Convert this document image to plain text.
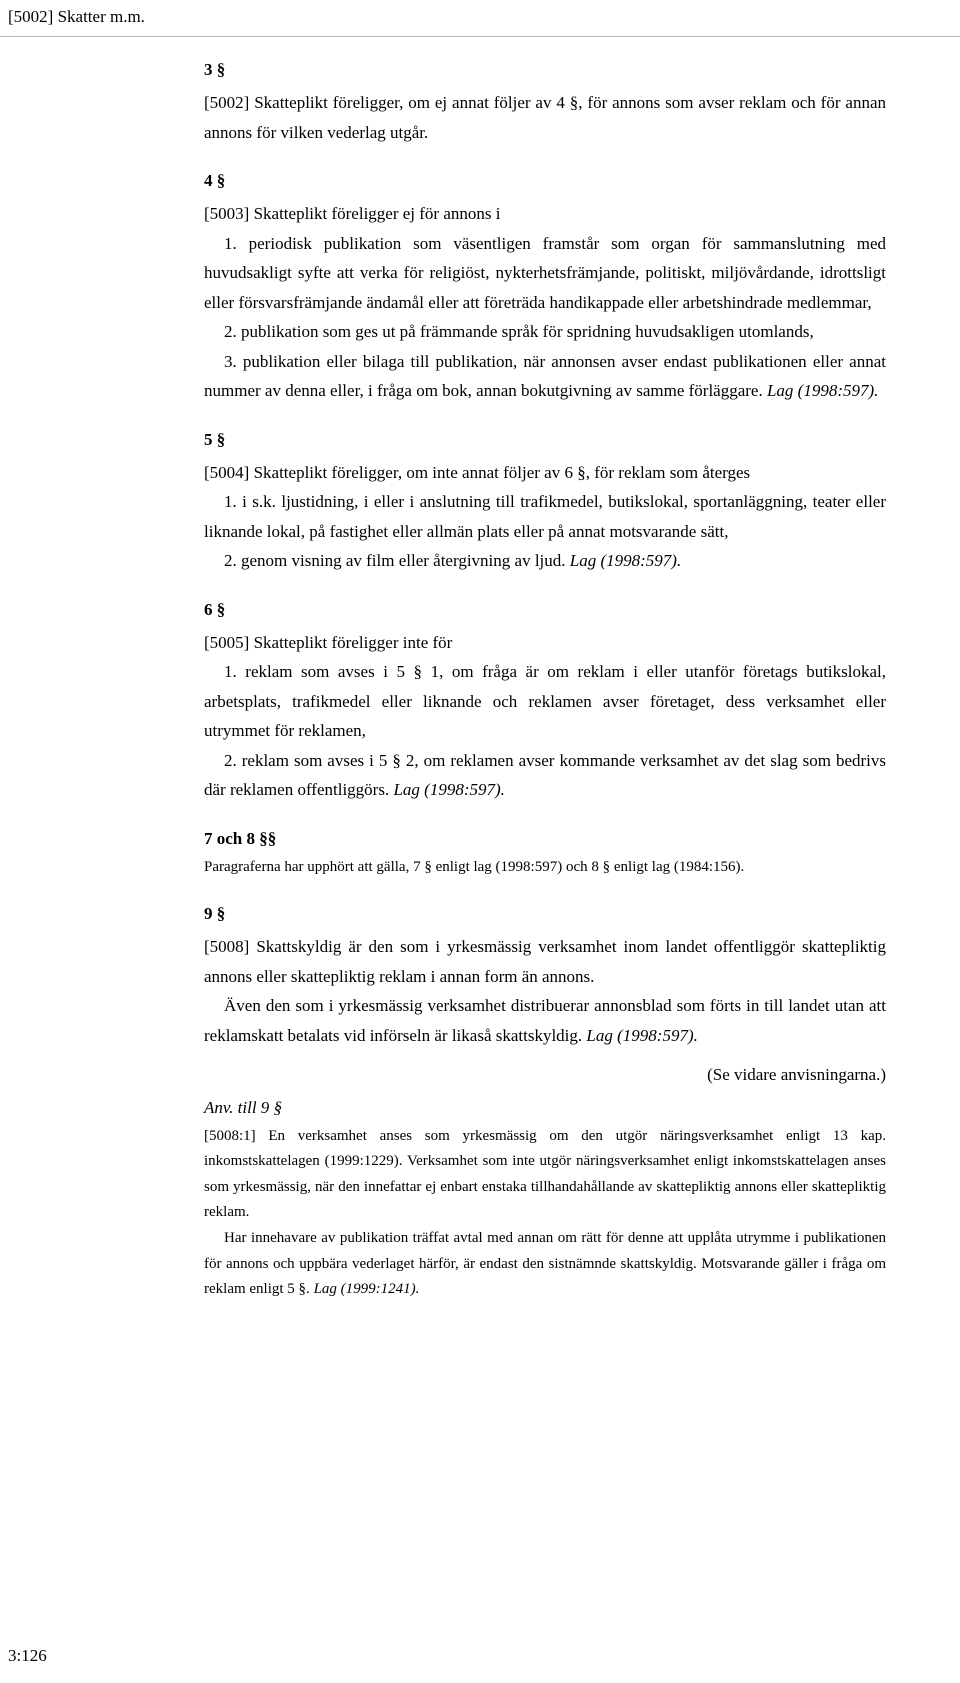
[5002] Skatter m.m.
3 §

[5002] Skatteplikt föreligger, om ej annat följer av 4 §, för annons som avser reklam och för annan annons för vilken vederlag utgår.

4 §

[5003] Skatteplikt föreligger ej för annons i

1. periodisk publikation som väsentligen framstår som organ för sammanslutning med huvudsakligt syfte att verka för religiöst, nykterhetsfrämjande, politiskt, miljövårdande, idrottsligt eller försvarsfrämjande ändamål eller att företräda handikappade eller arbetshindrade medlemmar,

2. publikation som ges ut på främmande språk för spridning huvudsakligen utomlands,

3. publikation eller bilaga till publikation, när annonsen avser endast publikationen eller annat nummer av denna eller, i fråga om bok, annan bokutgivning av samme förläggare. Lag (1998:597).

5 §

[5004] Skatteplikt föreligger, om inte annat följer av 6 §, för reklam som återges

1. i s.k. ljustidning, i eller i anslutning till trafikmedel, butikslokal, sportanläggning, teater eller liknande lokal, på fastighet eller allmän plats eller på annat motsvarande sätt,

2. genom visning av film eller återgivning av ljud. Lag (1998:597).

6 §

[5005] Skatteplikt föreligger inte för

1. reklam som avses i 5 § 1, om fråga är om reklam i eller utanför företags butikslokal, arbetsplats, trafikmedel eller liknande och reklamen avser företaget, dess verksamhet eller utrymmet för reklamen,

2. reklam som avses i 5 § 2, om reklamen avser kommande verksamhet av det slag som bedrivs där reklamen offentliggörs. Lag (1998:597).

7 och 8 §§

Paragraferna har upphört att gälla, 7 § enligt lag (1998:597) och 8 § enligt lag (1984:156).

9 §

[5008] Skattskyldig är den som i yrkesmässig verksamhet inom landet offentliggör skattepliktig annons eller skattepliktig reklam i annan form än annons.

Även den som i yrkesmässig verksamhet distribuerar annonsblad som förts in till landet utan att reklamskatt betalats vid införseln är likaså skattskyldig. Lag (1998:597).

(Se vidare anvisningarna.)

Anv. till 9 §

[5008:1] En verksamhet anses som yrkesmässig om den utgör näringsverksamhet enligt 13 kap. inkomstskattelagen (1999:1229). Verksamhet som inte utgör näringsverksamhet enligt inkomstskattelagen anses som yrkesmässig, när den innefattar ej enbart enstaka tillhandahållande av skattepliktig annons eller skattepliktig reklam.

Har innehavare av publikation träffat avtal med annan om rätt för denne att upplåta utrymme i publikationen för annons och uppbära vederlaget härför, är endast den sistnämnde skattskyldig. Motsvarande gäller i fråga om reklam enligt 5 §. Lag (1999:1241).

3:126
